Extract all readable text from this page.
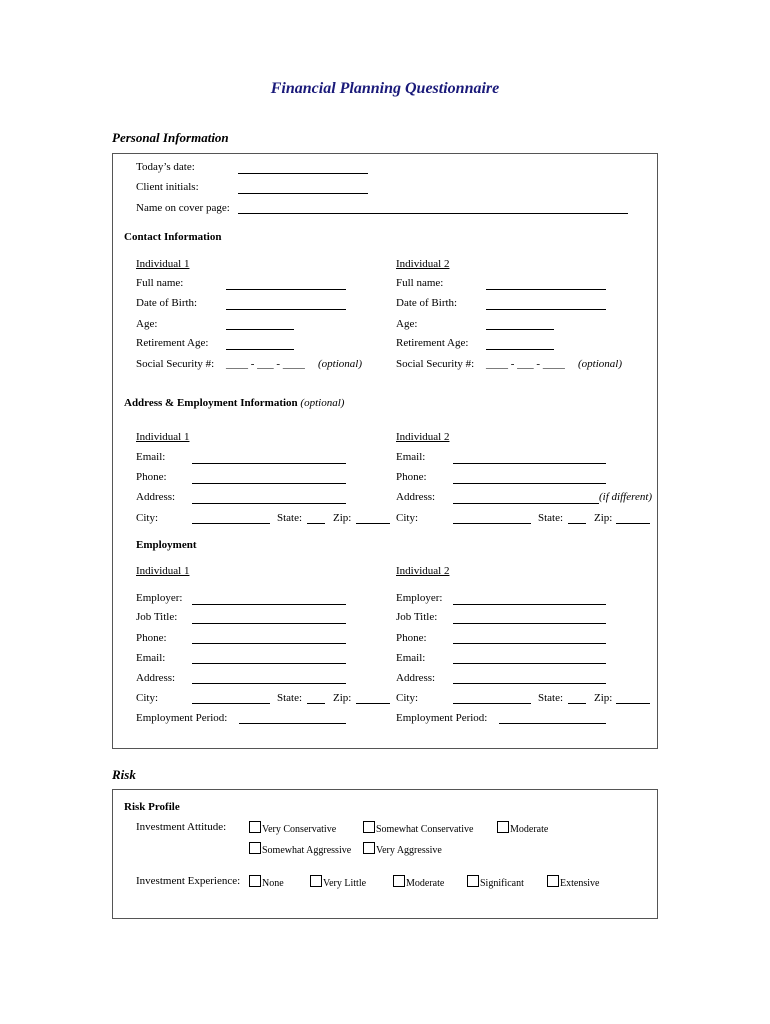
Financial Planning Questionnaire
Personal Information
Today’s date:
Client initials:
Name on cover page:
Contact Information
Individual 1	Individual 2
Full name:	Full name:
Date of Birth:	Date of Birth:
Age:	Age:
Retirement Age:	Retirement Age:
Social Security #: ____ - ___ - ____ (optional)	Social Security #: ____ - ___ - ____ (optional)
Address & Employment Information (optional)
Individual 1	Individual 2
Email:	Email:
Phone:	Phone:
Address:	Address:	(if different)
City:	State:	Zip:	City:	State:	Zip:
Employment
Individual 1	Individual 2
Employer:	Employer:
Job Title:	Job Title:
Phone:	Phone:
Email:	Email:
Address:	Address:
City:	State:	Zip:	City:	State:	Zip:
Employment Period:	Employment Period:
Risk
Risk Profile
Investment Attitude:	Very Conservative	Somewhat Conservative	Moderate
Somewhat Aggressive	Very Aggressive
Investment Experience:	None	Very Little	Moderate	Significant	Extensive
